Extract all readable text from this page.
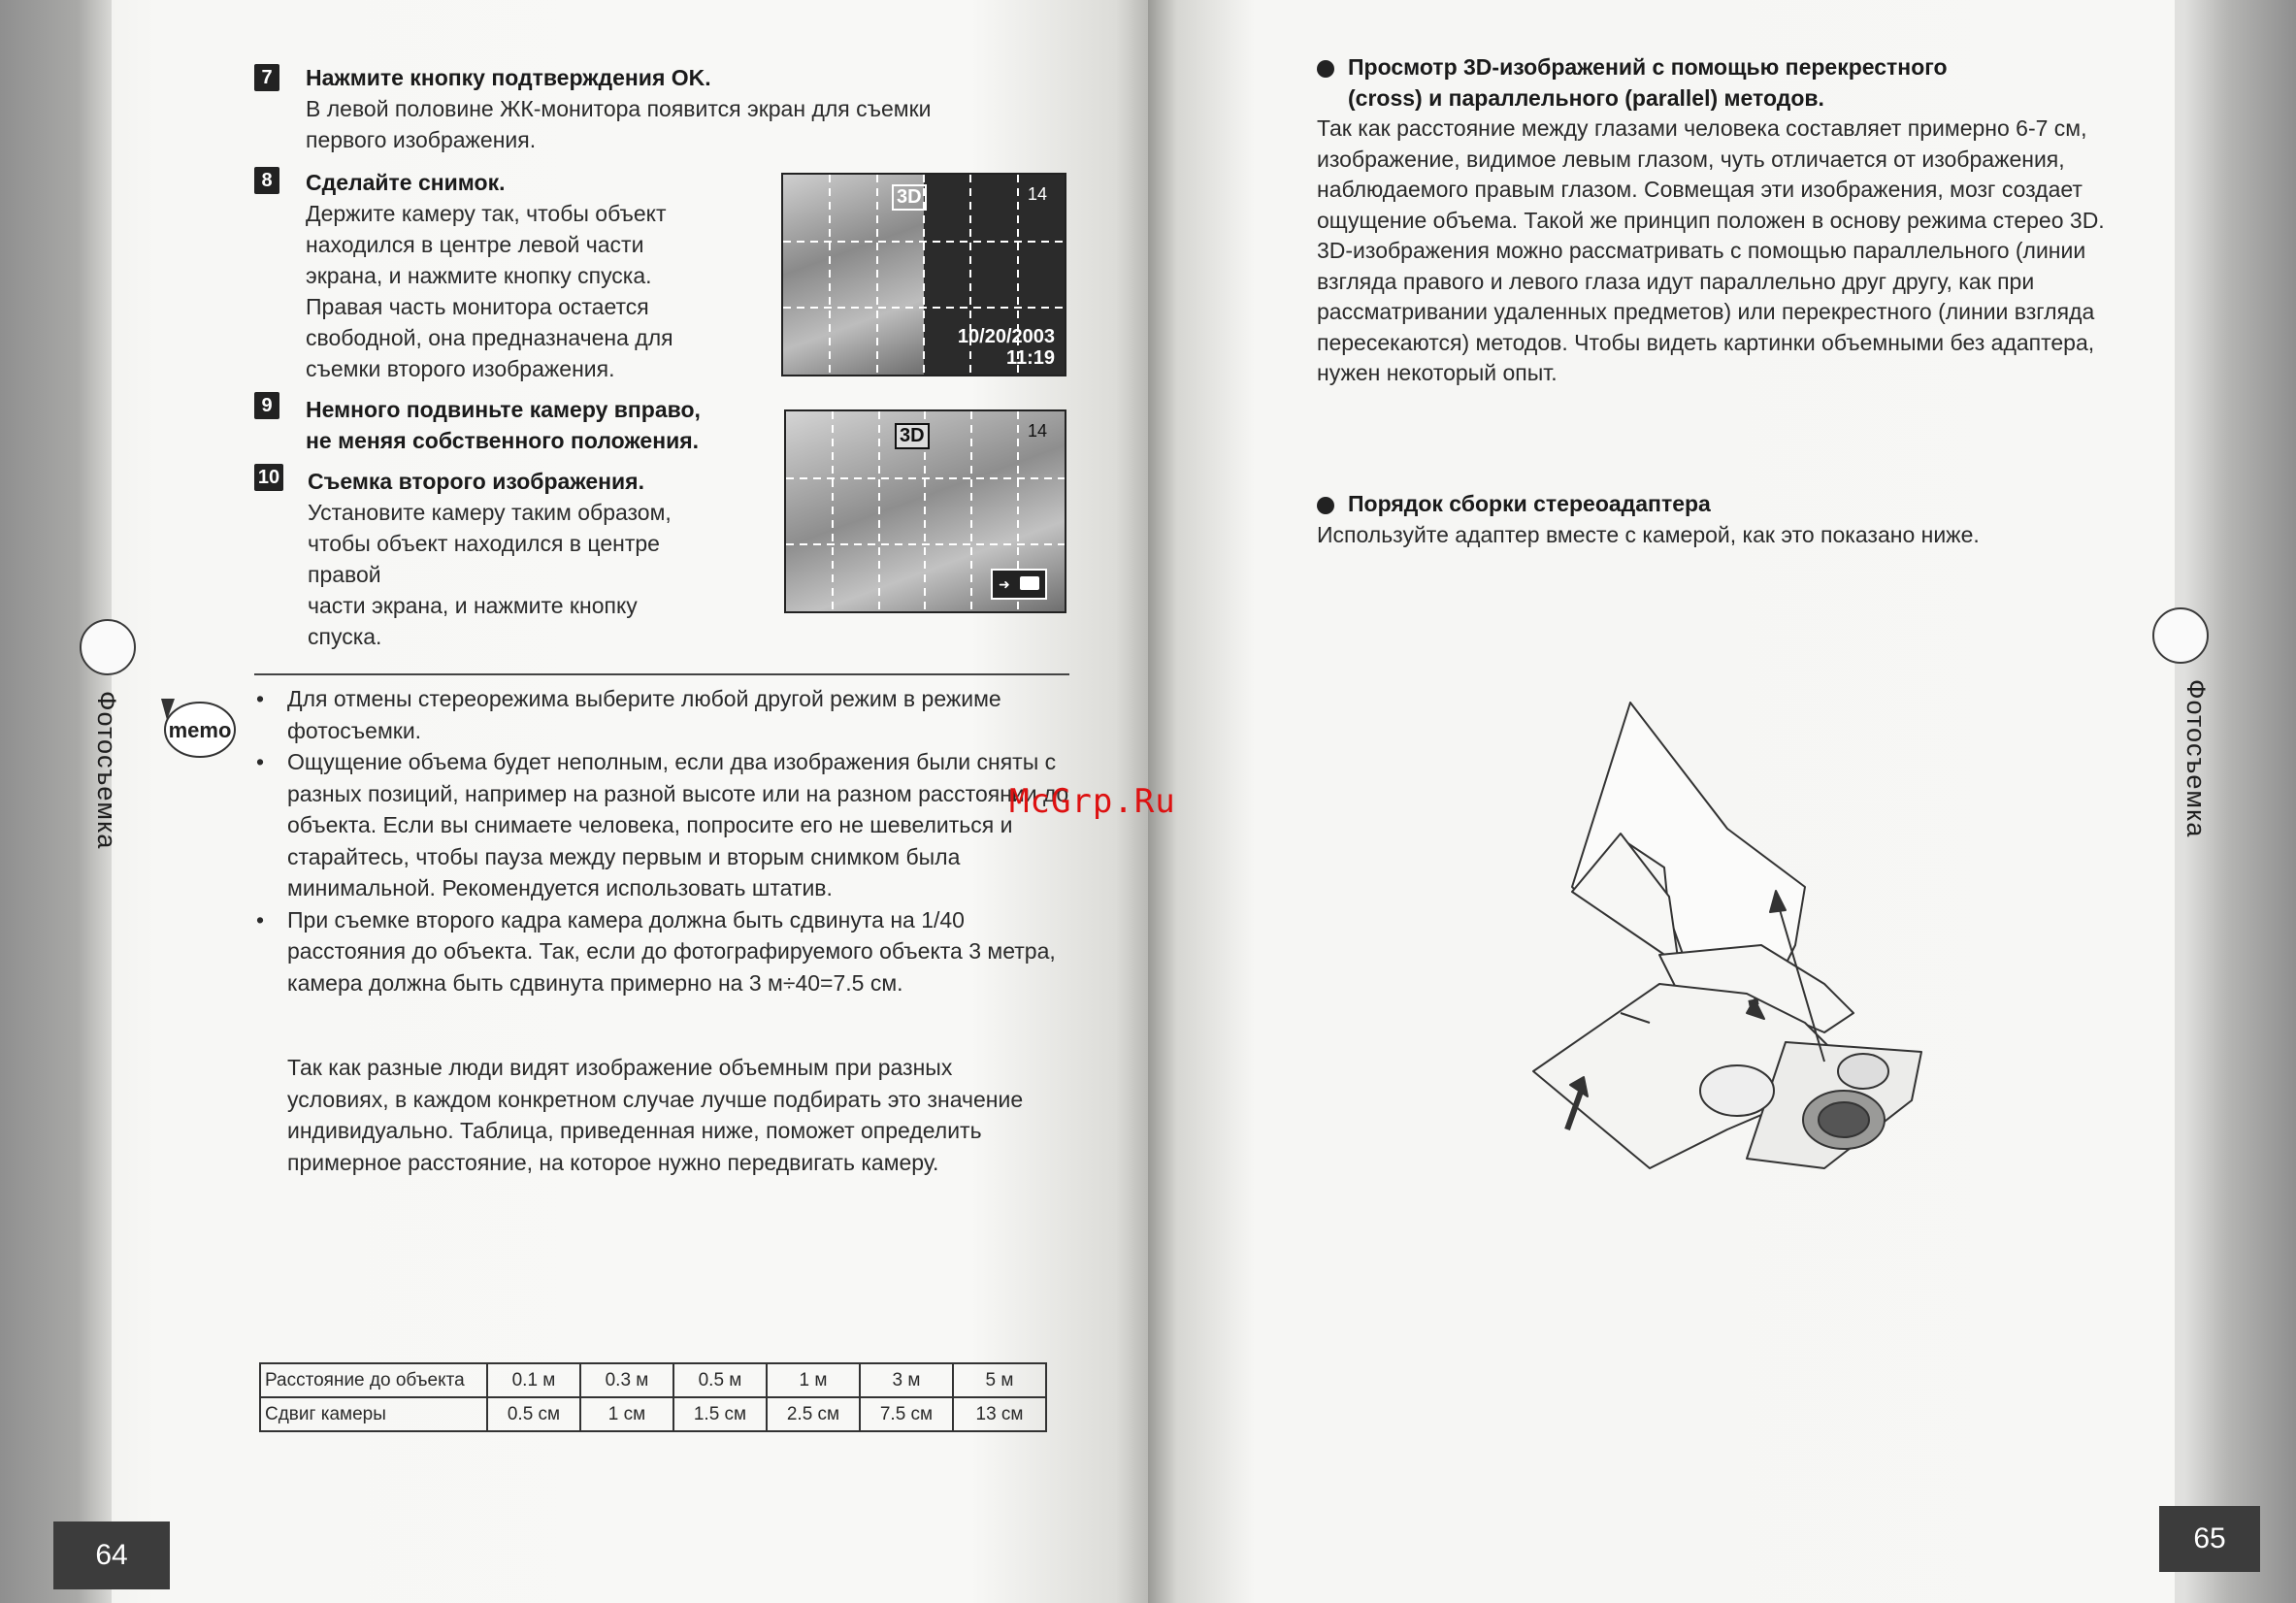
Фотосъемка
64
7	Нажмите кнопку подтверждения OK.
В левой половине ЖК-монитора появится экран для съемки первого изображения.
8	Сделайте снимок.
Держите камеру так, чтобы объект
находился в центре левой части
экрана, и нажмите кнопку спуска.
Правая часть монитора остается
свободной, она предназначена для
съемки второго изображения.
3D	14
10/20/2003
11:19
9	Немного подвиньте камеру вправо,
не меняя собственного положения.	3D	14
➜
10 Съемка второго изображения.
Установите камеру таким образом,
чтобы объект находился в центре
правой
части экрана, и нажмите кнопку
спуска.
memo
• Для отмены стереорежима выберите любой другой режим в режиме фотосъемки.
• Ощущение объема будет неполным, если два изображения были сняты с разных позиций, например на разной высоте или на разном расстоянии до объекта. Если вы снимаете человека, попросите его не шевелиться и старайтесь, чтобы пауза между первым и вторым снимком была минимальной. Рекомендуется использовать штатив.
• При съемке второго кадра камера должна быть сдвинута на 1/40 расстояния до объекта. Так, если до фотографируемого объекта 3 метра, камера должна быть сдвинута примерно на 3 м÷40=7.5 см.
Так как разные люди видят изображение объемным при разных условиях, в каждом конкретном случае лучше подбирать это значение индивидуально. Таблица, приведенная ниже, поможет определить примерное расстояние, на которое нужно передвигать камеру.
Расстояние до объекта	0.1 м	0.3 м	0.5 м	1 м	3 м	5 м
Сдвиг камеры	0.5 см	1 см	1.5 см	2.5 см	7.5 см	13 см
Фотосъемка
65
Просмотр 3D-изображений с помощью перекрестного
(cross) и параллельного (parallel) методов.
Так как расстояние между глазами человека составляет примерно 6-7 см, изображение, видимое левым глазом, чуть отличается от изображения, наблюдаемого правым глазом. Совмещая эти изображения, мозг создает ощущение объема. Такой же принцип положен в основу режима стерео 3D. 3D-изображения можно рассматривать с помощью параллельного (линии взгляда правого и левого глаза идут параллельно друг другу, как при рассматривании удаленных предметов) или перекрестного (линии взгляда пересекаются) методов. Чтобы видеть картинки объемными без адаптера, нужен некоторый опыт.
Порядок сборки стереоадаптера
Используйте адаптер вместе с камерой, как это показано ниже.
McGrp.Ru
